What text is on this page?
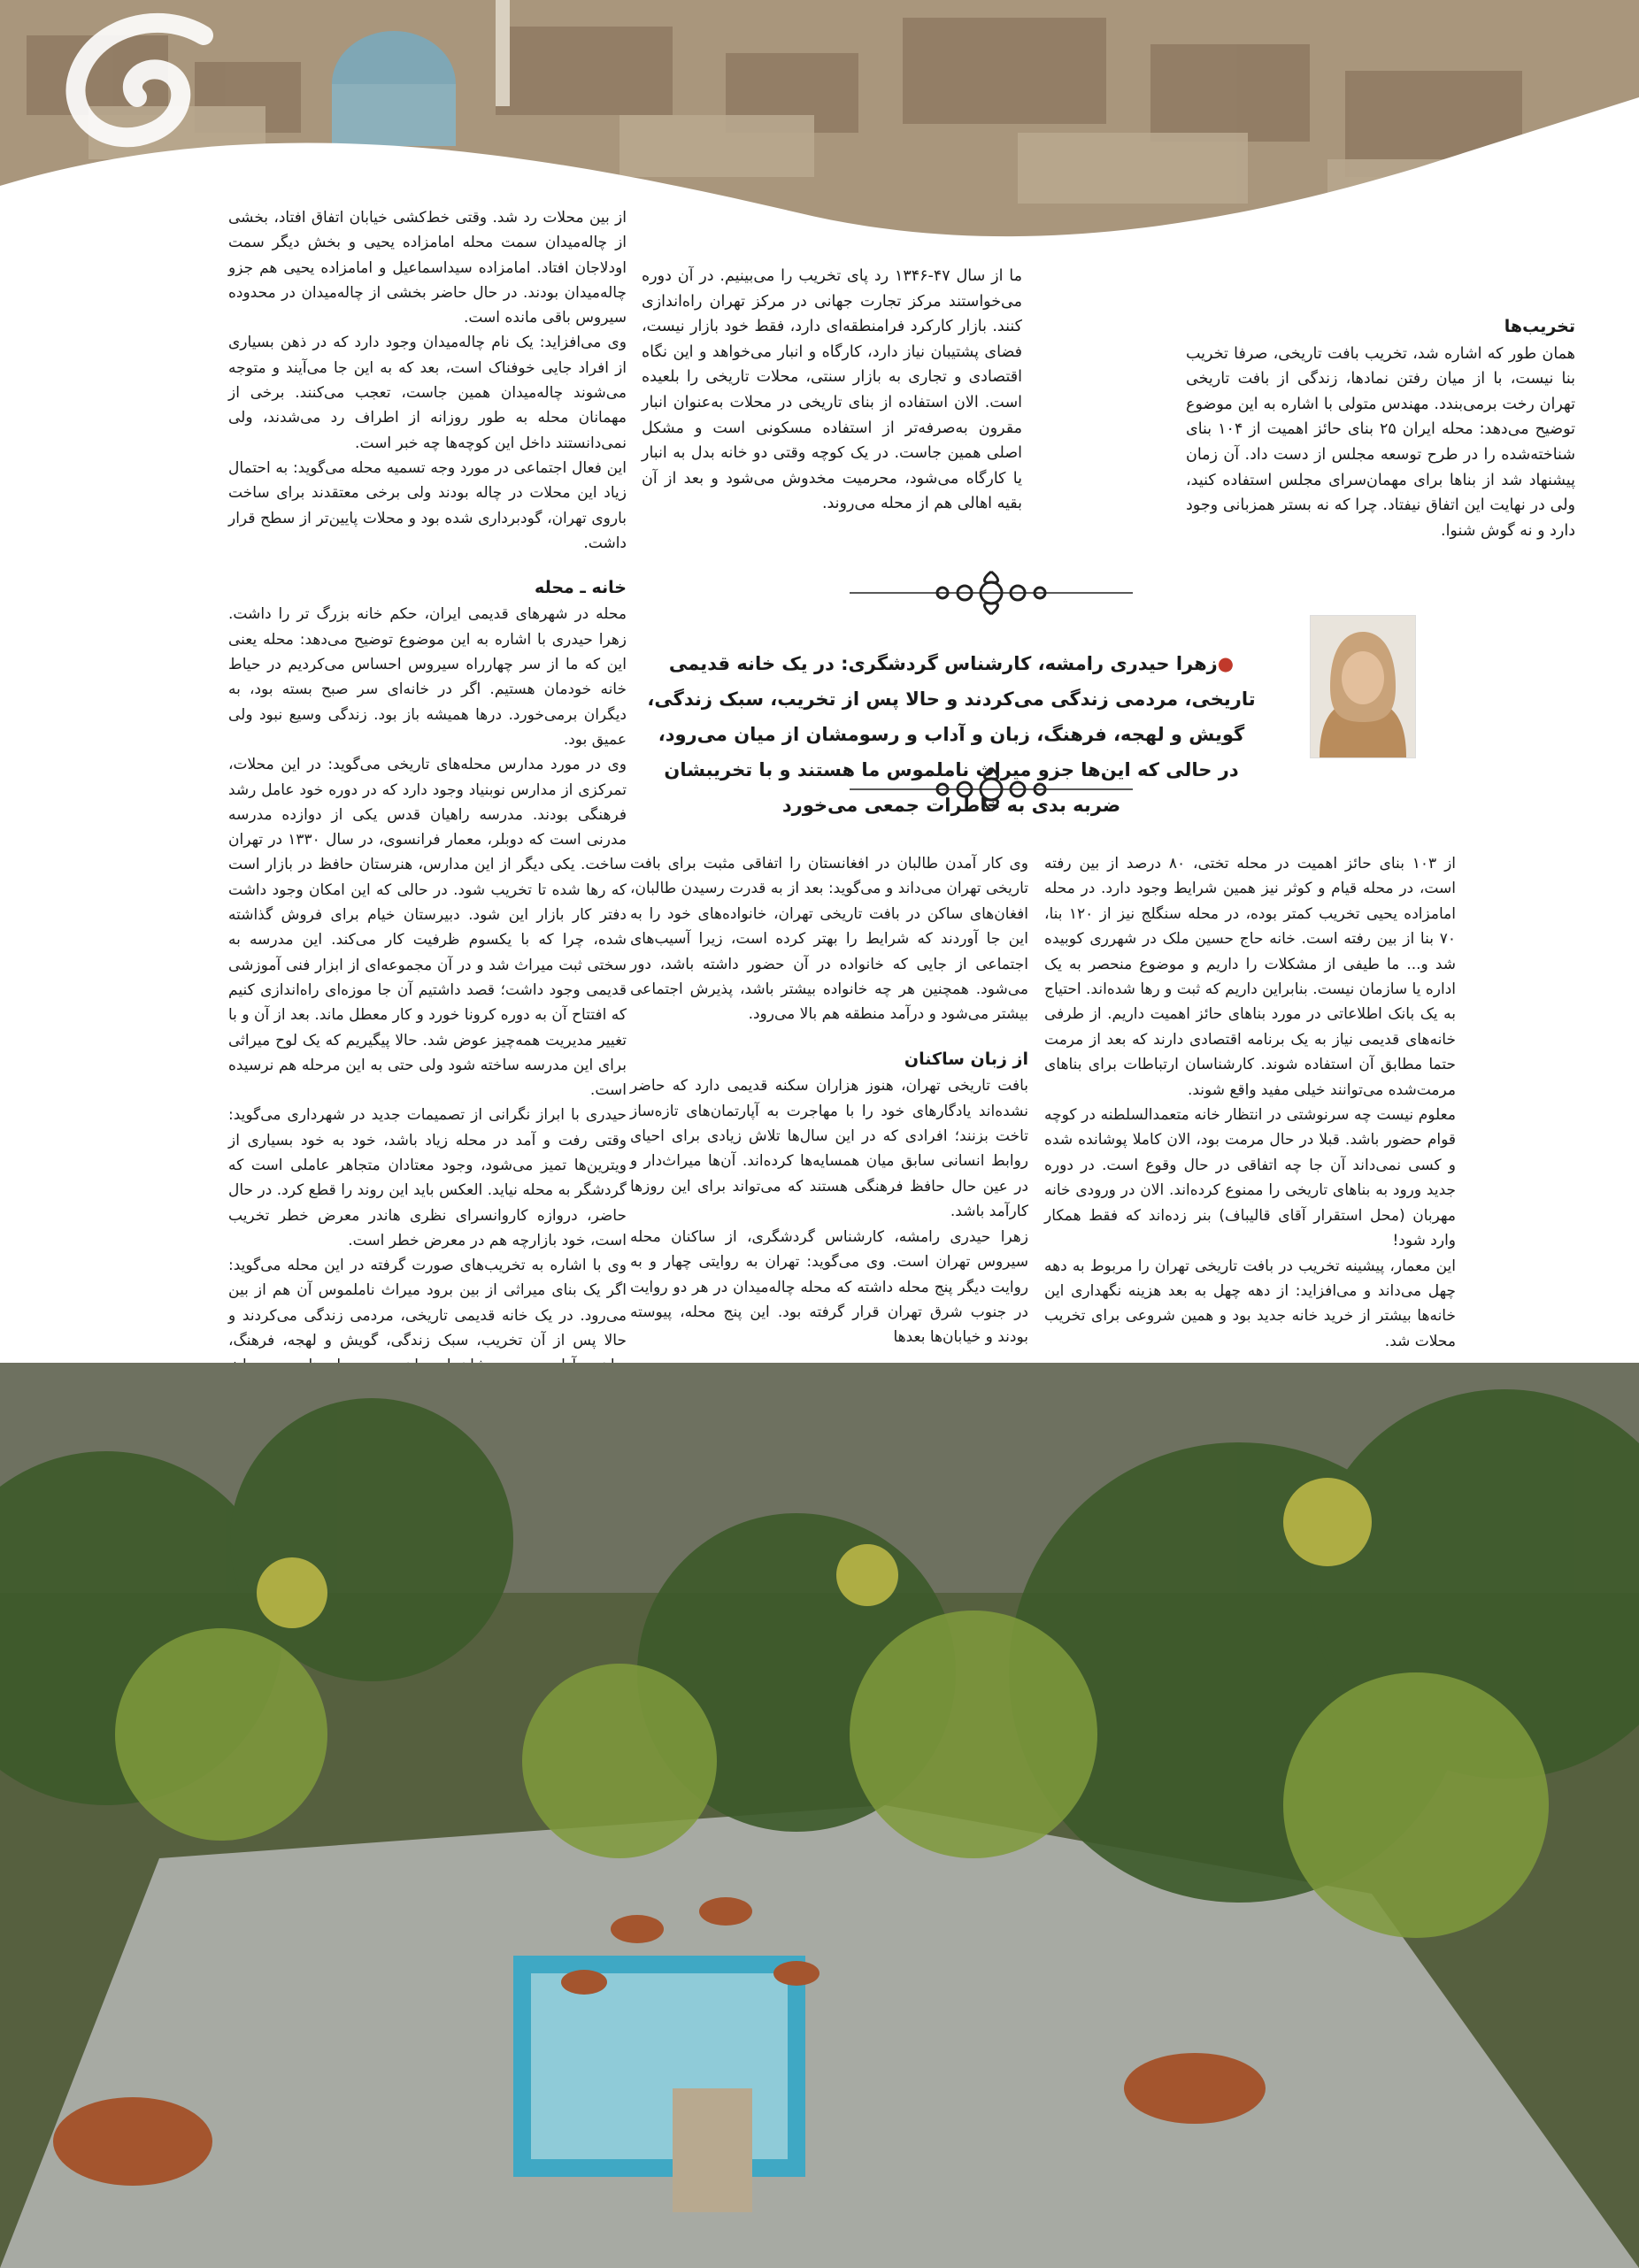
تخریب‌ها

همان طور که اشاره شد، تخریب بافت تاریخی، صرفا تخریب بنا نیست، با از میان رفتن نمادها، زندگی از بافت تاریخی تهران رخت برمی‌بندد. مهندس متولی با اشاره به این موضوع توضیح می‌دهد: محله ایران ۲۵ بنای حائز اهمیت از ۱۰۴ بنای شناخته‌شده را در طرح توسعه مجلس از دست داد. آن زمان پیشنهاد شد از بناها برای مهمان‌سرای مجلس استفاده کنید، ولی در نهایت این اتفاق نیفتاد. چرا که نه بستر همزبانی وجود دارد و نه گوش شنوا.

ما از سال ۴۷-۱۳۴۶ رد پای تخریب را می‌بینیم. در آن دوره می‌خواستند مرکز تجارت جهانی در مرکز تهران راه‌اندازی کنند. بازار کارکرد فرامنطقه‌ای دارد، فقط خود بازار نیست، فضای پشتیبان نیاز دارد، کارگاه و انبار می‌خواهد و این نگاه اقتصادی و تجاری به بازار سنتی، محلات تاریخی را بلعیده است. الان استفاده از بنای تاریخی در محلات به‌عنوان انبار مقرون به‌صرفه‌تر از استفاده مسکونی است و مشکل اصلی همین جاست. در یک کوچه وقتی دو خانه بدل به انبار یا کارگاه می‌شود، محرمیت مخدوش می‌شود و بعد از آن بقیه اهالی هم از محله می‌روند.

از بین محلات رد شد. وقتی خط‌کشی خیابان اتفاق افتاد، بخشی از چاله‌میدان سمت محله امامزاده یحیی و بخش دیگر سمت اودلاجان افتاد. امامزاده سیداسماعیل و امامزاده یحیی هم جزو چاله‌میدان بودند. در حال حاضر بخشی از چاله‌میدان در محدوده سیروس باقی مانده است.

وی می‌افزاید: یک نام چاله‌میدان وجود دارد که در ذهن بسیاری از افراد جایی خوفناک است، بعد که به این جا می‌آیند و متوجه می‌شوند چاله‌میدان همین جاست، تعجب می‌کنند. برخی از مهمانان محله به طور روزانه از اطراف رد می‌شدند، ولی نمی‌دانستند داخل این کوچه‌ها چه خبر است.

این فعال اجتماعی در مورد وجه تسمیه محله می‌گوید: به احتمال زیاد این محلات در چاله بودند ولی برخی معتقدند برای ساخت باروی تهران، گودبرداری شده بود و محلات پایین‌تر از سطح قرار داشت.

خانه ـ محله

محله در شهرهای قدیمی ایران، حکم خانه بزرگ تر را داشت. زهرا حیدری با اشاره به این موضوع توضیح می‌دهد: محله یعنی این که ما از سر چهارراه سیروس احساس می‌کردیم در حیاط خانه خودمان هستیم. اگر در خانه‌ای سر صبح بسته بود، به دیگران برمی‌خورد. درها همیشه باز بود. زندگی وسیع نبود ولی عمیق بود.

وی در مورد مدارس محله‌های تاریخی می‌گوید: در این محلات، تمرکزی از مدارس نوبنیاد وجود دارد که در دوره خود عامل رشد فرهنگی بودند. مدرسه راهیان قدس یکی از دوازده مدرسه مدرنی است که دوبلر، معمار فرانسوی، در سال ۱۳۳۰ در تهران ساخت. یکی دیگر از این مدارس، هنرستان حافظ در بازار است که رها شده تا تخریب شود. در حالی که این امکان وجود داشت دفتر کار بازار این شود. دبیرستان خیام برای فروش گذاشته شده، چرا که با یکسوم ظرفیت کار می‌کند. این مدرسه به سختی ثبت میراث شد و در آن مجموعه‌ای از ابزار فنی آموزشی قدیمی وجود داشت؛ قصد داشتیم آن جا موزه‌ای راه‌اندازی کنیم که افتتاح آن به دوره کرونا خورد و کار معطل ماند. بعد از آن و با تغییر مدیریت همه‌چیز عوض شد. حالا پیگیریم که یک لوح میراثی برای این مدرسه ساخته شود ولی حتی به این مرحله هم نرسیده است.

حیدری با ابراز نگرانی از تصمیمات جدید در شهرداری می‌گوید: وقتی رفت و آمد در محله زیاد باشد، خود به خود بسیاری از ویترین‌ها تمیز می‌شود، وجود معتادان متجاهر عاملی است که گردشگر به محله نیاید. العکس باید این روند را قطع کرد. در حال حاضر، دروازه کاروانسرای نظری هاندر معرض خطر تخریب است، خود بازارچه هم در معرض خطر است.

وی با اشاره به تخریب‌های صورت گرفته در این محله می‌گوید: اگر یک بنای میراثی از بین برود میراث ناملموس آن هم از بین می‌رود. در یک خانه قدیمی تاریخی، مردمی زندگی می‌کردند و حالا پس از آن تخریب، سبک زندگی، گویش و لهجه، فرهنگ،

●زهرا حیدری رامشه، کارشناس گردشگری: در یک خانه قدیمی تاریخی، مردمی زندگی می‌کردند و حالا پس از تخریب، سبک زندگی، گویش و لهجه، فرهنگ، زبان و آداب و رسومشان از میان می‌رود، در حالی که این‌ها جزو میراث ناملموس ما هستند و با تخریبشان ضربه بدی به خاطرات جمعی می‌خورد

از ۱۰۳ بنای حائز اهمیت در محله تختی، ۸۰ درصد از بین رفته است، در محله قیام و کوثر نیز همین شرایط وجود دارد. در محله امامزاده یحیی تخریب کمتر بوده، در محله سنگلج نیز از ۱۲۰ بنا، ۷۰ بنا از بین رفته است. خانه حاج حسین ملک در شهرری کوبیده شد و... ما طیفی از مشکلات را داریم و موضوع منحصر به یک اداره یا سازمان نیست. بنابراین داریم که ثبت و رها شده‌اند. احتیاج به یک بانک اطلاعاتی در مورد بناهای حائز اهمیت داریم. از طرفی خانه‌های قدیمی نیاز به یک برنامه اقتصادی دارند که بعد از مرمت حتما مطابق آن استفاده شوند. کارشناسان ارتباطات برای بناهای مرمت‌شده می‌توانند خیلی مفید واقع شوند.

معلوم نیست چه سرنوشتی در انتظار خانه متعمدالسلطنه در کوچه قوام حضور باشد. قبلا در حال مرمت بود، الان کاملا پوشانده شده و کسی نمی‌داند آن جا چه اتفاقی در حال وقوع است. در دوره جدید ورود به بناهای تاریخی را ممنوع کرده‌اند. الان در ورودی خانه مهربان (محل استقرار آقای قالیباف) بنر زده‌اند که فقط همکار وارد شود!

این معمار، پیشینه تخریب در بافت تاریخی تهران را مربوط به دهه چهل می‌داند و می‌افزاید: از دهه چهل به بعد هزینه نگهداری این خانه‌ها بیشتر از خرید خانه جدید بود و همین شروعی برای تخریب محلات شد.

وی کار آمدن طالبان در افغانستان را اتفاقی مثبت برای بافت تاریخی تهران می‌داند و می‌گوید: بعد از به قدرت رسیدن طالبان، افغان‌های ساکن در بافت تاریخی تهران، خانواده‌های خود را به این جا آوردند که شرایط را بهتر کرده است، زیرا آسیب‌های اجتماعی از جایی که خانواده در آن حضور داشته باشد، دور می‌شود. همچنین هر چه خانواده بیشتر باشد، پذیرش اجتماعی بیشتر می‌شود و درآمد منطقه هم بالا می‌رود.

از زبان ساکنان

بافت تاریخی تهران، هنوز هزاران سکنه قدیمی دارد که حاضر نشده‌اند یادگارهای خود را با مهاجرت به آپارتمان‌های تازه‌ساز تاخت بزنند؛ افرادی که در این سال‌ها تلاش زیادی برای احیای روابط انسانی سابق میان همسایه‌ها کرده‌اند. آن‌ها میراث‌دار و در عین حال حافظ فرهنگی هستند که می‌تواند برای این روزها کارآمد باشد.

زهرا حیدری رامشه، کارشناس گردشگری، از ساکنان محله سیروس تهران است. وی می‌گوید: تهران به روایتی چهار و به روایت دیگر پنج محله داشته که محله چاله‌میدان در هر دو روایت در جنوب شرق تهران قرار گرفته بود. این پنج محله، پیوسته بودند و خیابان‌ها بعدها
